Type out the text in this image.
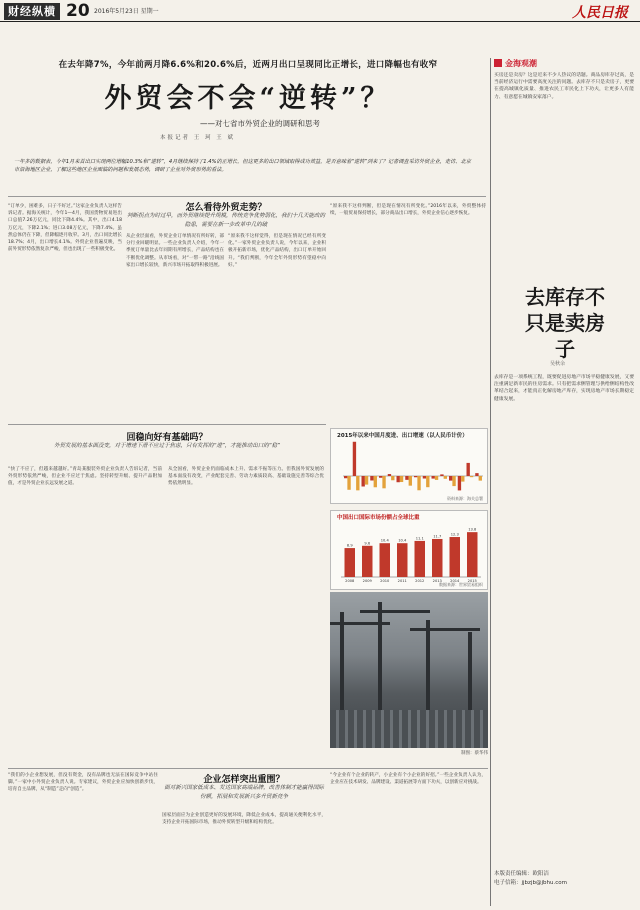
财经纵横 20 2016年5月23日 星期一	人民日报
在去年降7%，今年前两月降6.6%和20.6%后，近两月出口呈现同比正增长，进口降幅也有收窄
外贸会不会“逆转”？
——对七省市外贸企业的调研和思考
本报记者 王 珂 王 斌
一年多的数据表，今年1月来首出口实现两位增幅10.3%和“逆转”，4月继续保持了1.4%的正增长。但这更多的出口领域取得成功效益，是否意味着“逆转”到来了？记者调查采访外贸企业，走访、北京市沿海地区企业，了解这些地区企业面临的问题和发展态势，调研了企业对外贸形势的看法。
“订单少，困难多，日子不好过。”这家企业负责人这样告诉记者。据海关统计，今年1—4月，我国货物贸易进出口总值7.26万亿元，同比下降4.4%。其中，出口4.18万亿元，下降2.1%；进口3.08万亿元，下降7.4%。虽然总体仍在下降，但降幅逐月收窄。3月，出口同比增长18.7%；4月，出口增长4.1%。外贸企业普遍反映，当前外贸形势依然复杂严峻，但也出现了一些积极变化。
怎么看待外贸走势？
判断拐点为时过早，而外贸继续提升规模，传统竞争优势弱化，我们十几天能改的隐患，需要在新一步改革中几的破
从企业层面看，外贸企业订单情况有所好转，部分行业回暖明显。一些企业负责人介绍，今年一季度订单量比去年同期有所增长，产品结构也在不断优化调整。从市场看，对“一带一路”沿线国家出口增长较快，新兴市场开拓取得积极进展。
“原来我不这样觉得，但是现在情况已经有所变化。”一家外贸企业负责人说，今年以来，企业积极开拓新市场，优化产品结构，出口订单开始回升。“我们判断，今年全年外贸形势有望稳中向好。”
“原来我不这样判断，但是现在情况有所变化。”2016年以来，外贸整体持续，一般贸易保持增长，部分商品出口增长，外贸企业信心逐步恢复。
回稳向好有基础吗？
外贸发展的基本面没变，对于增速下滑不应过于焦虑，只有发挥的“进”，才能推动出口的“稳”
“快了不应了，但越来越越好。”青岛某服装外贸企业负责人告诉记者，当前外贸形势依然严峻，但企业不应过于焦虑。坚持转型升级、提升产品附加值，才是外贸企业长远发展之道。
从全国看，外贸企业仍面临成本上升、需求不振等压力。但我国外贸发展的基本面没有改变，产业配套完善、劳动力素质较高、基础设施完善等综合优势依然明显。
2015年以来中国月度进、出口增速（以人民币计价）
资料来源：海关总署
中国出口国际市场份额占全球比重
8.9
2008
9.6
2009
10.4
2010
10.4
2011
11.1
2012
11.7
2013
12.3
2014
13.8
2015
数据来源：世界贸易组织
制图：蔡华伟
“我们的小企业想发展，但没有资金，没有品牌也无法在国际竞争中站住脚。”一家中小外贸企业负责人说。专家建议，外贸企业应加快创新步伐，培育自主品牌，从“制造”走向“创造”。
企业怎样突出重围？
面对新兴国家低成本、发达国家高端品牌，改善体制才能赢得国际份额，拓展和发展新兴多升贸新竞争
国家层面应为企业创造更好的发展环境，降低企业成本，提高通关便利化水平，支持企业开拓国际市场，推动外贸转型升级和结构优化。
“今企业有个企业的转产，小企业有个小企业的好招。”一些企业负责人认为，企业应在技术研发、品牌建设、渠道拓展等方面下功夫，以创新应对挑战。
金海观潮
买房还是卖房？这是近来不少人热议的话题。商品房库存过高，是当前经济运行中需要高度关注的问题。去库存不只是卖房子，更要在提高城镇化质量、推进农民工市民化上下功夫，让更多人有能力、有意愿在城镇安家落户。
去库存不只是卖房子
吴秋余
去库存是一项系统工程，既要促进房地产市场平稳健康发展，又要注重满足新市民的住房需求。只有把需求侧管理与供给侧结构性改革结合起来，才能真正化解房地产库存，实现房地产市场长期稳定健康发展。
本版责任编辑：欧阳洁
电子信箱：jjbzjb@jbhu.com
